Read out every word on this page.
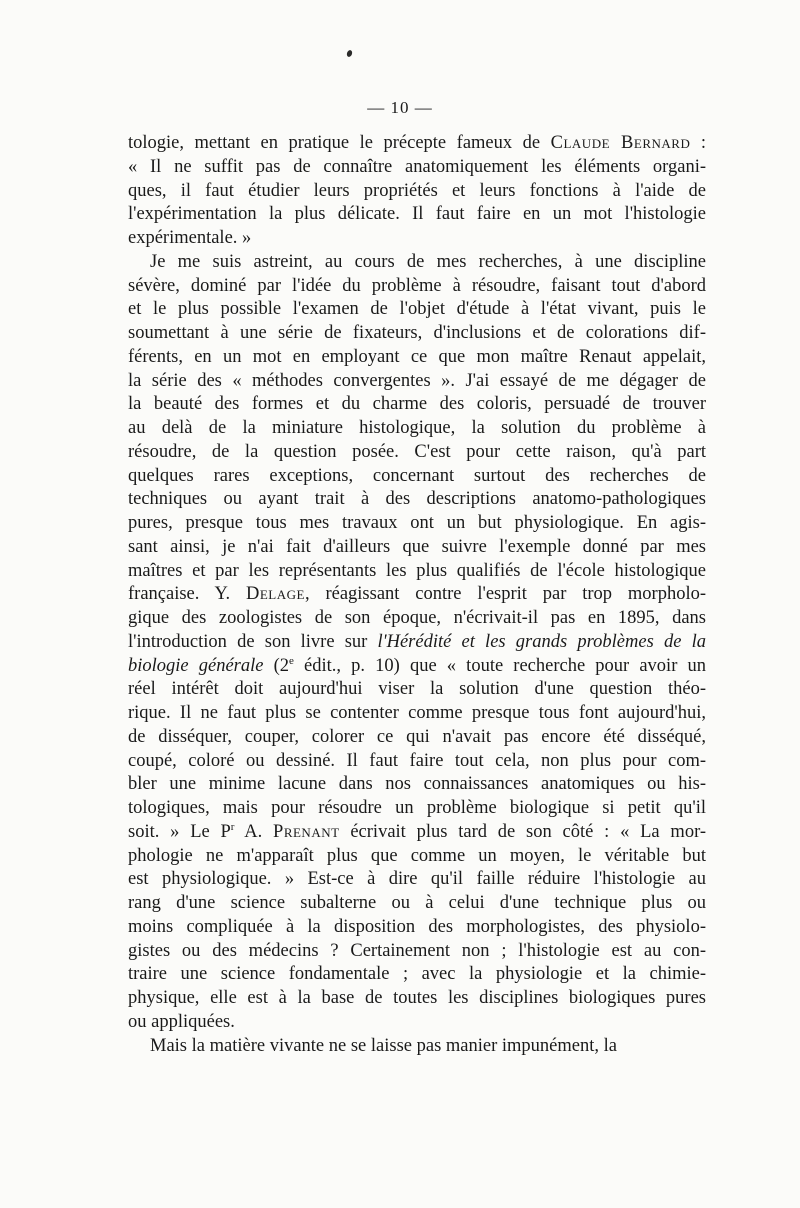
— 10 —
tologie, mettant en pratique le précepte fameux de Claude Bernard :
« Il ne suffit pas de connaître anatomiquement les éléments organi-
ques, il faut étudier leurs propriétés et leurs fonctions à l'aide de
l'expérimentation la plus délicate. Il faut faire en un mot l'histologie
expérimentale. »
Je me suis astreint, au cours de mes recherches, à une discipline
sévère, dominé par l'idée du problème à résoudre, faisant tout d'abord
et le plus possible l'examen de l'objet d'étude à l'état vivant, puis le
soumettant à une série de fixateurs, d'inclusions et de colorations dif-
férents, en un mot en employant ce que mon maître Renaut appelait,
la série des « méthodes convergentes ». J'ai essayé de me dégager de
la beauté des formes et du charme des coloris, persuadé de trouver
au delà de la miniature histologique, la solution du problème à
résoudre, de la question posée. C'est pour cette raison, qu'à part
quelques rares exceptions, concernant surtout des recherches de
techniques ou ayant trait à des descriptions anatomo-pathologiques
pures, presque tous mes travaux ont un but physiologique. En agis-
sant ainsi, je n'ai fait d'ailleurs que suivre l'exemple donné par mes
maîtres et par les représentants les plus qualifiés de l'école histologique
française. Y. Delage, réagissant contre l'esprit par trop morpholo-
gique des zoologistes de son époque, n'écrivait-il pas en 1895, dans
l'introduction de son livre sur l'Hérédité et les grands problèmes de la
biologie générale (2e édit., p. 10) que « toute recherche pour avoir un
réel intérêt doit aujourd'hui viser la solution d'une question théo-
rique. Il ne faut plus se contenter comme presque tous font aujourd'hui,
de disséquer, couper, colorer ce qui n'avait pas encore été disséqué,
coupé, coloré ou dessiné. Il faut faire tout cela, non plus pour com-
bler une minime lacune dans nos connaissances anatomiques ou his-
tologiques, mais pour résoudre un problème biologique si petit qu'il
soit. » Le $P^r$ A. Prenant écrivait plus tard de son côté : « La mor-
phologie ne m'apparaît plus que comme un moyen, le véritable but
est physiologique. » Est-ce à dire qu'il faille réduire l'histologie au
rang d'une science subalterne ou à celui d'une technique plus ou
moins compliquée à la disposition des morphologistes, des physiolo-
gistes ou des médecins ? Certainement non ; l'histologie est au con-
traire une science fondamentale ; avec la physiologie et la chimie-
physique, elle est à la base de toutes les disciplines biologiques pures
ou appliquées.
Mais la matière vivante ne se laisse pas manier impunément, la
